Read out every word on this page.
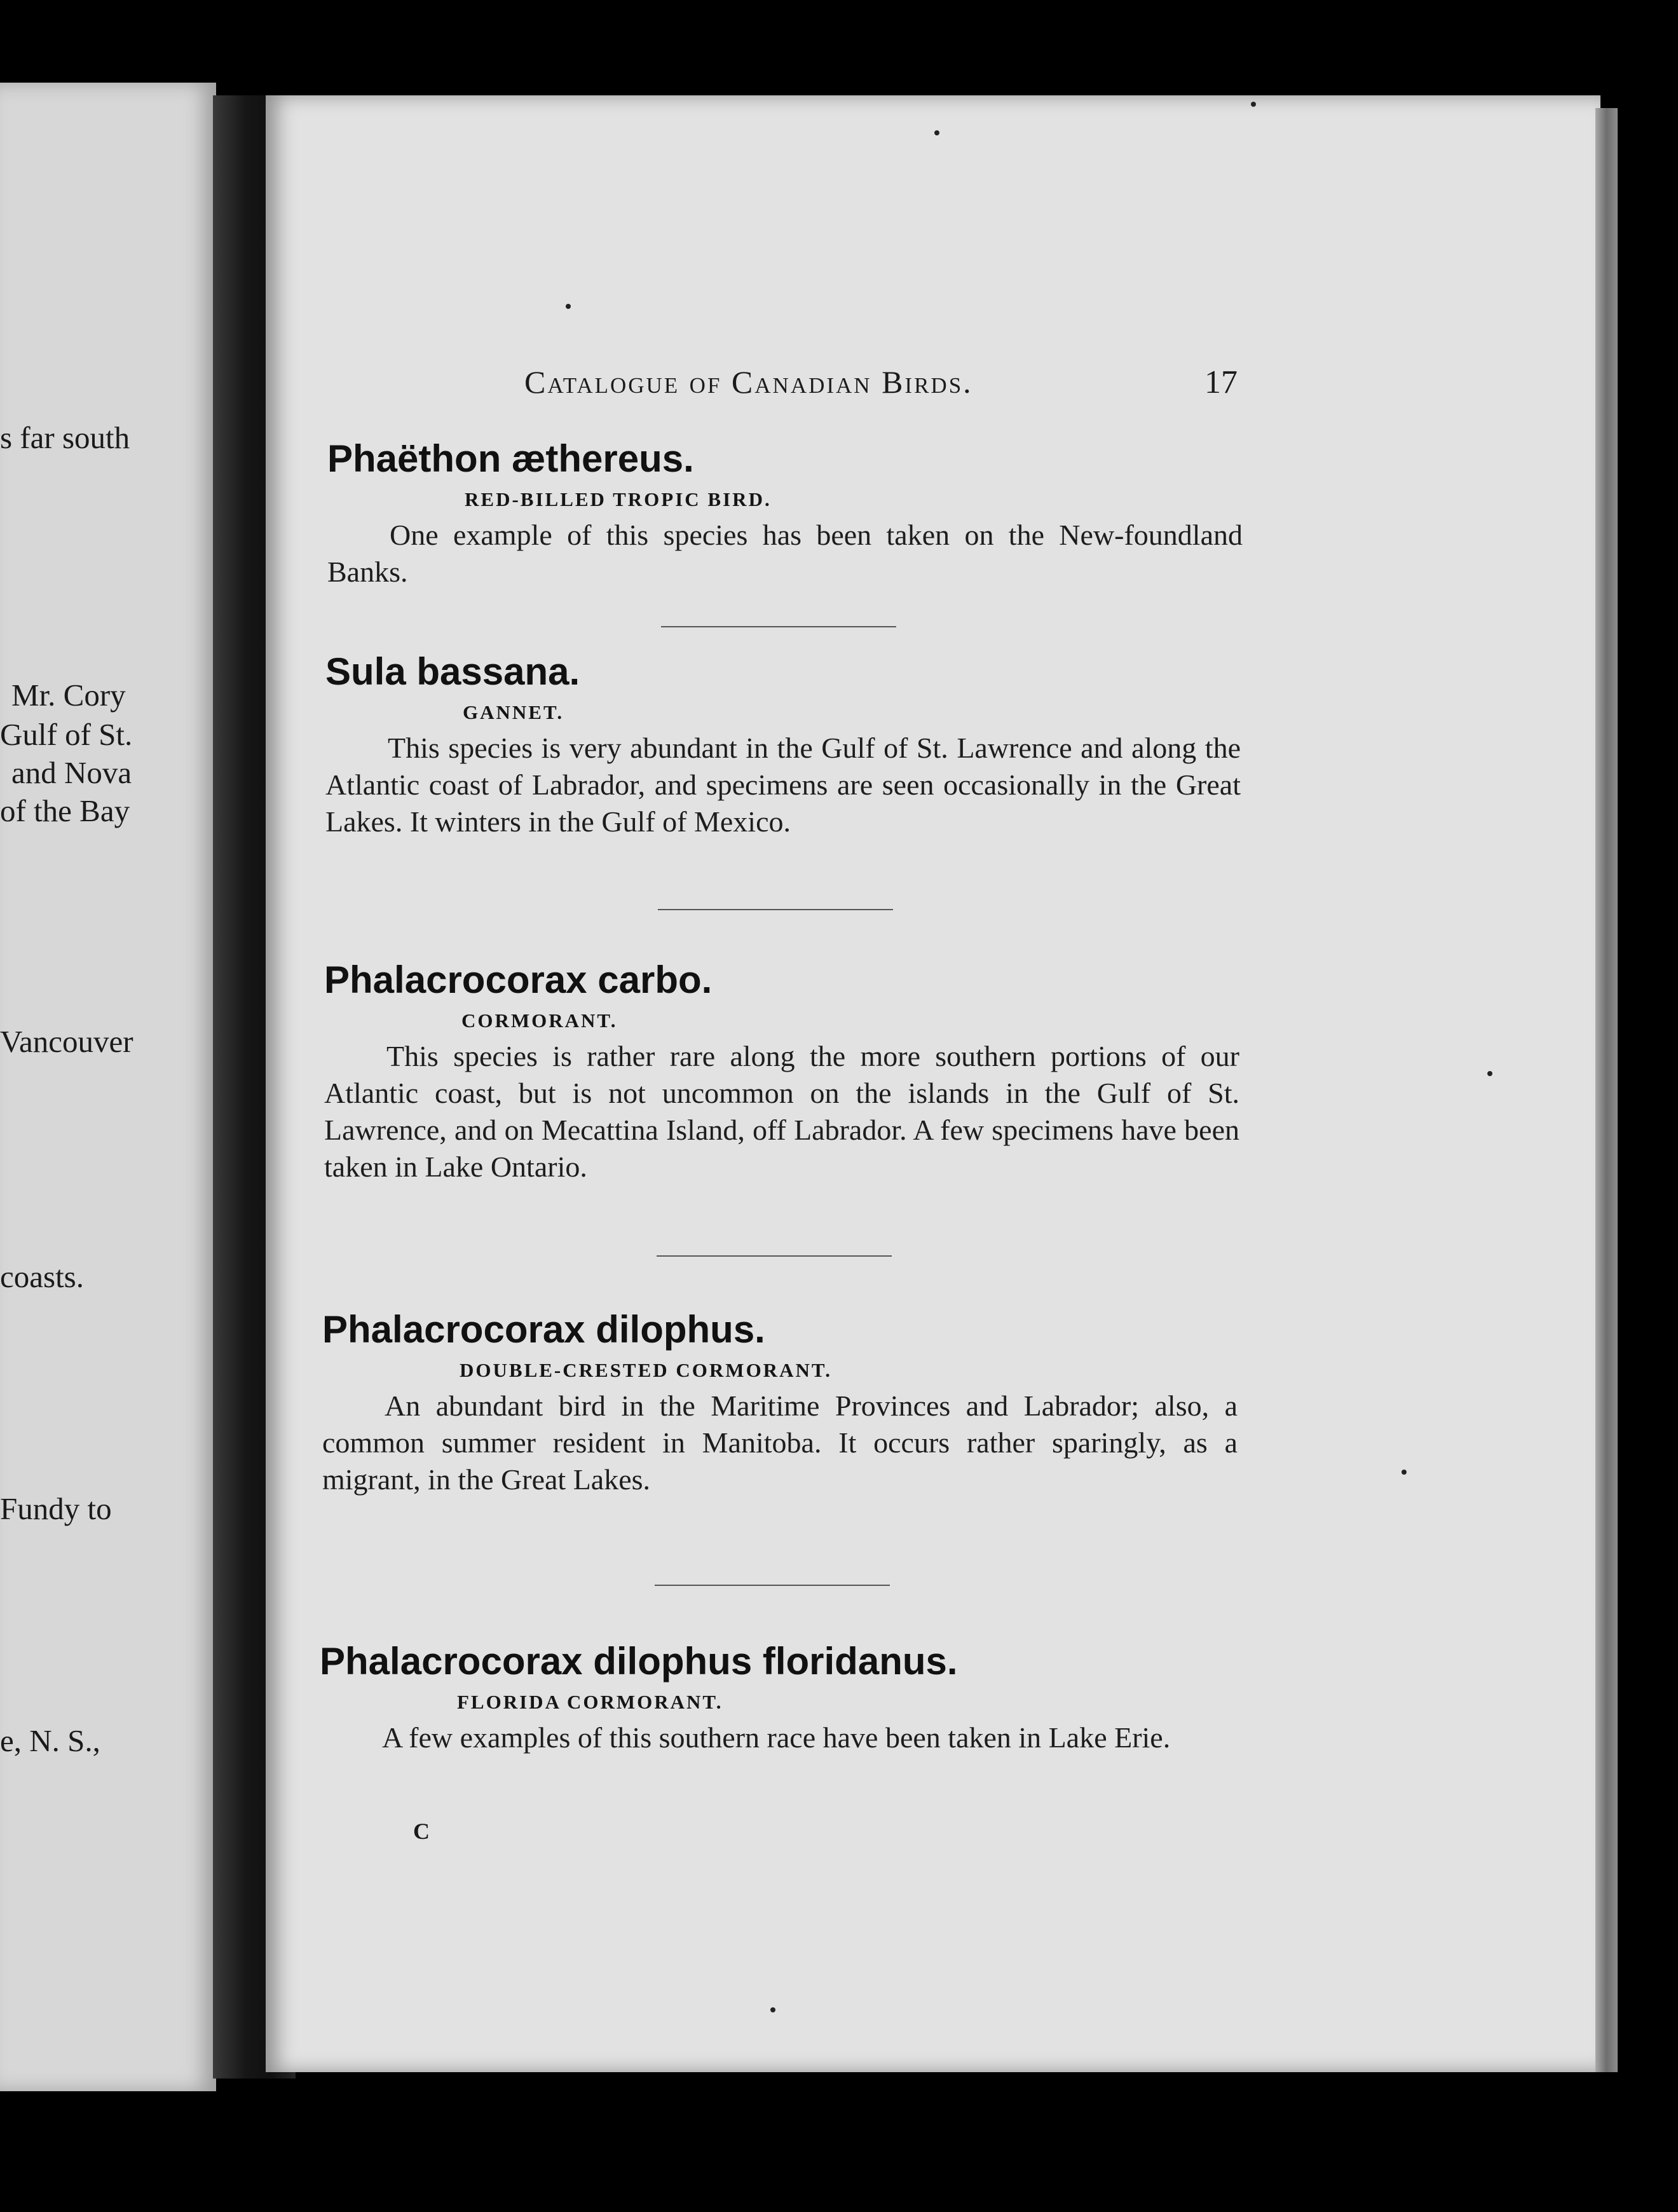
s far south
Mr. Cory
Gulf of St.
and Nova
of the Bay
Vancouver
coasts.
Fundy to
e, N. S.,
Catalogue of Canadian Birds.	17

Phaëthon æthereus.

RED-BILLED TROPIC BIRD.

One example of this species has been taken on the New-foundland Banks.

Sula bassana.

GANNET.

This species is very abundant in the Gulf of St. Lawrence and along the Atlantic coast of Labrador, and specimens are seen occasionally in the Great Lakes. It winters in the Gulf of Mexico.

Phalacrocorax carbo.

CORMORANT.

This species is rather rare along the more southern portions of our Atlantic coast, but is not uncommon on the islands in the Gulf of St. Lawrence, and on Mecattina Island, off Labrador. A few specimens have been taken in Lake Ontario.

Phalacrocorax dilophus.

DOUBLE-CRESTED CORMORANT.

An abundant bird in the Maritime Provinces and Labrador; also, a common summer resident in Manitoba. It occurs rather sparingly, as a migrant, in the Great Lakes.

Phalacrocorax dilophus floridanus.

FLORIDA CORMORANT.

A few examples of this southern race have been taken in Lake Erie.

C
